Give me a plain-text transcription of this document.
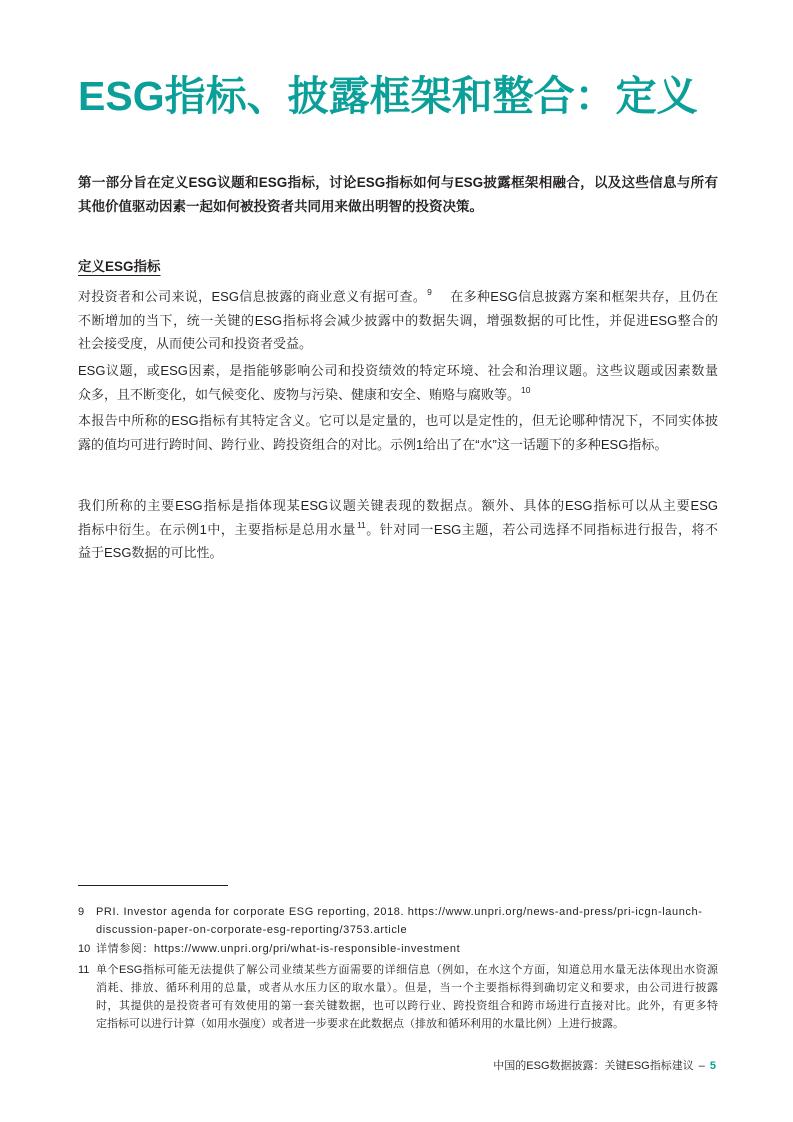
ESG指标、披露框架和整合：定义
第一部分旨在定义ESG议题和ESG指标，讨论ESG指标如何与ESG披露框架相融合，以及这些信息与所有
其他价值驱动因素一起如何被投资者共同用来做出明智的投资决策。
定义ESG指标
对投资者和公司来说，ESG信息披露的商业意义有据可查。$^9$ 在多种ESG信息披露方案和框架共存，且仍在
不断增加的当下，统一关键的ESG指标将会减少披露中的数据失调，增强数据的可比性，并促进ESG整合的
社会接受度，从而使公司和投资者受益。
ESG议题，或ESG因素，是指能够影响公司和投资绩效的特定环境、社会和治理议题。这些议题或因素数量
众多，且不断变化，如气候变化、废物与污染、健康和安全、贿赂与腐败等。$^{10}$
本报告中所称的ESG指标有其特定含义。它可以是定量的，也可以是定性的，但无论哪种情况下，不同实体披
露的值均可进行跨时间、跨行业、跨投资组合的对比。示例1给出了在“水”这一话题下的多种ESG指标。
我们所称的主要ESG指标是指体现某ESG议题关键表现的数据点。额外、具体的ESG指标可以从主要ESG
指标中衍生。在示例1中，主要指标是总用水量$^{11}$。针对同一ESG主题，若公司选择不同指标进行报告，将不
益于ESG数据的可比性。
9 PRI. Investor agenda for corporate ESG reporting, 2018. https://www.unpri.org/news-and-press/pri-icgn-launch-
discussion-paper-on-corporate-esg-reporting/3753.article
10 详情参阅：https://www.unpri.org/pri/what-is-responsible-investment
11 单个ESG指标可能无法提供了解公司业绩某些方面需要的详细信息（例如，在水这个方面，知道总用水量无法体现出水资源
消耗、排放、循环利用的总量，或者从水压力区的取水量）。但是，当一个主要指标得到确切定义和要求，由公司进行披露
时，其提供的是投资者可有效使用的第一套关键数据，也可以跨行业、跨投资组合和跨市场进行直接对比。此外，有更多特
定指标可以进行计算（如用水强度）或者进一步要求在此数据点（排放和循环利用的水量比例）上进行披露。
中国的ESG数据披露：关键ESG指标建议 – 5
